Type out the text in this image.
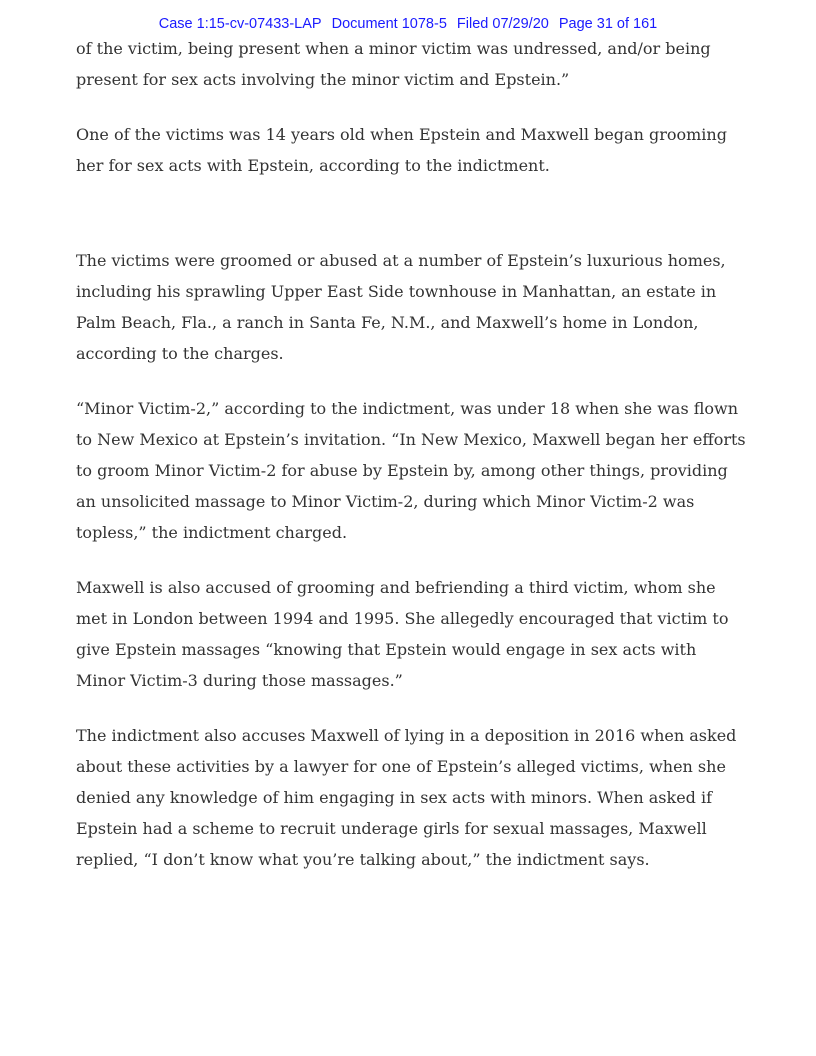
Case 1:15-cv-07433-LAP Document 1078-5 Filed 07/29/20 Page 31 of 161

of the victim, being present when a minor victim was undressed, and/or being present for sex acts involving the minor victim and Epstein.”

One of the victims was 14 years old when Epstein and Maxwell began grooming her for sex acts with Epstein, according to the indictment.

The victims were groomed or abused at a number of Epstein’s luxurious homes, including his sprawling Upper East Side townhouse in Manhattan, an estate in Palm Beach, Fla., a ranch in Santa Fe, N.M., and Maxwell’s home in London, according to the charges.

“Minor Victim-2,” according to the indictment, was under 18 when she was flown to New Mexico at Epstein’s invitation. “In New Mexico, Maxwell began her efforts to groom Minor Victim-2 for abuse by Epstein by, among other things, providing an unsolicited massage to Minor Victim-2, during which Minor Victim-2 was topless,” the indictment charged.

Maxwell is also accused of grooming and befriending a third victim, whom she met in London between 1994 and 1995. She allegedly encouraged that victim to give Epstein massages “knowing that Epstein would engage in sex acts with Minor Victim-3 during those massages.”

The indictment also accuses Maxwell of lying in a deposition in 2016 when asked about these activities by a lawyer for one of Epstein’s alleged victims, when she denied any knowledge of him engaging in sex acts with minors. When asked if Epstein had a scheme to recruit underage girls for sexual massages, Maxwell replied, “I don’t know what you’re talking about,” the indictment says.
